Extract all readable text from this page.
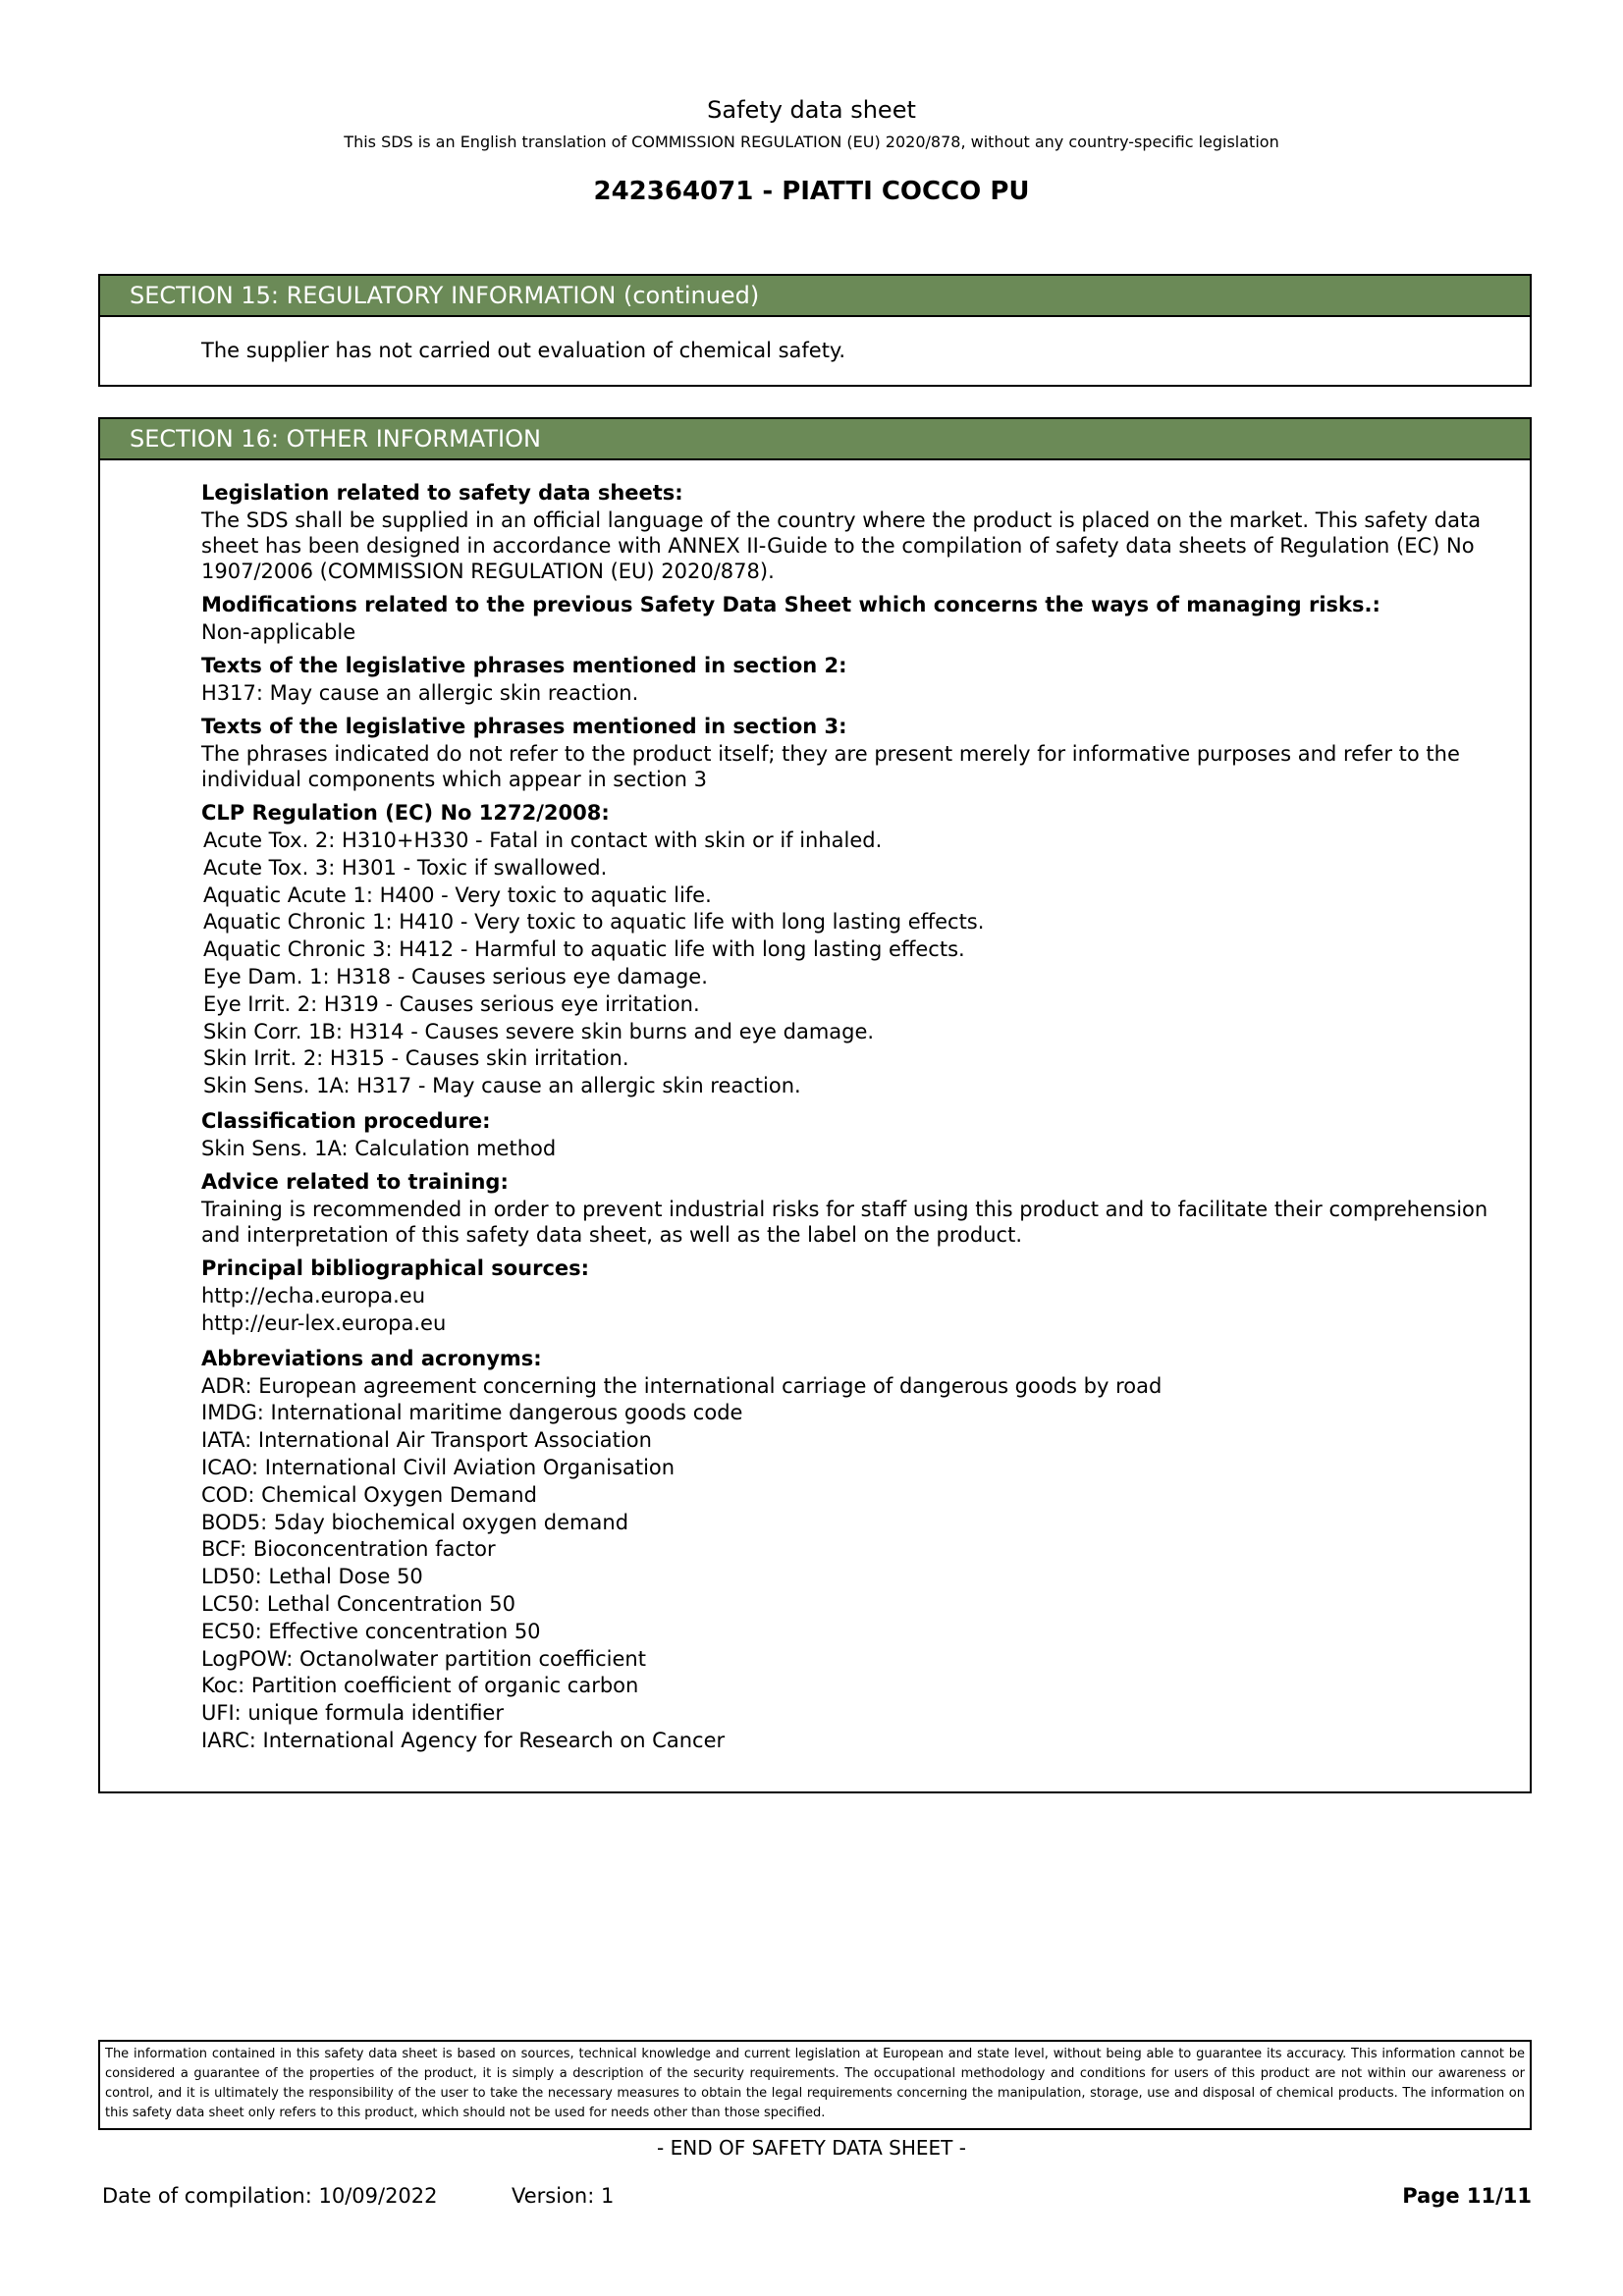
Safety data sheet
This SDS is an English translation of COMMISSION REGULATION (EU) 2020/878, without any country-specific legislation
242364071 - PIATTI COCCO PU
SECTION 15: REGULATORY INFORMATION (continued)
The supplier has not carried out evaluation of chemical safety.
SECTION 16: OTHER INFORMATION
Legislation related to safety data sheets:

The SDS shall be supplied in an official language of the country where the product is placed on the market. This safety data sheet has been designed in accordance with ANNEX II-Guide to the compilation of safety data sheets of Regulation (EC) No 1907/2006 (COMMISSION REGULATION (EU) 2020/878).

Modifications related to the previous Safety Data Sheet which concerns the ways of managing risks.:

Non-applicable

Texts of the legislative phrases mentioned in section 2:

H317: May cause an allergic skin reaction.

Texts of the legislative phrases mentioned in section 3:

The phrases indicated do not refer to the product itself; they are present merely for informative purposes and refer to the individual components which appear in section 3

CLP Regulation (EC) No 1272/2008:
Acute Tox. 2: H310+H330 - Fatal in contact with skin or if inhaled.
Acute Tox. 3: H301 - Toxic if swallowed.
Aquatic Acute 1: H400 - Very toxic to aquatic life.
Aquatic Chronic 1: H410 - Very toxic to aquatic life with long lasting effects.
Aquatic Chronic 3: H412 - Harmful to aquatic life with long lasting effects.
Eye Dam. 1: H318 - Causes serious eye damage.
Eye Irrit. 2: H319 - Causes serious eye irritation.
Skin Corr. 1B: H314 - Causes severe skin burns and eye damage.
Skin Irrit. 2: H315 - Causes skin irritation.
Skin Sens. 1A: H317 - May cause an allergic skin reaction.
Classification procedure:

Skin Sens. 1A: Calculation method

Advice related to training:

Training is recommended in order to prevent industrial risks for staff using this product and to facilitate their comprehension and interpretation of this safety data sheet, as well as the label on the product.

Principal bibliographical sources:
http://echa.europa.eu
http://eur-lex.europa.eu
Abbreviations and acronyms:
ADR: European agreement concerning the international carriage of dangerous goods by road
IMDG: International maritime dangerous goods code
IATA: International Air Transport Association
ICAO: International Civil Aviation Organisation
COD: Chemical Oxygen Demand
BOD5: 5day biochemical oxygen demand
BCF: Bioconcentration factor
LD50: Lethal Dose 50
LC50: Lethal Concentration 50
EC50: Effective concentration 50
LogPOW: Octanolwater partition coefficient
Koc: Partition coefficient of organic carbon
UFI: unique formula identifier
IARC: International Agency for Research on Cancer
The information contained in this safety data sheet is based on sources, technical knowledge and current legislation at European and state level, without being able to guarantee its accuracy. This information cannot be considered a guarantee of the properties of the product, it is simply a description of the security requirements. The occupational methodology and conditions for users of this product are not within our awareness or control, and it is ultimately the responsibility of the user to take the necessary measures to obtain the legal requirements concerning the manipulation, storage, use and disposal of chemical products. The information on this safety data sheet only refers to this product, which should not be used for needs other than those specified.
- END OF SAFETY DATA SHEET -
Date of compilation: 10/09/2022	Version: 1	Page 11/11
